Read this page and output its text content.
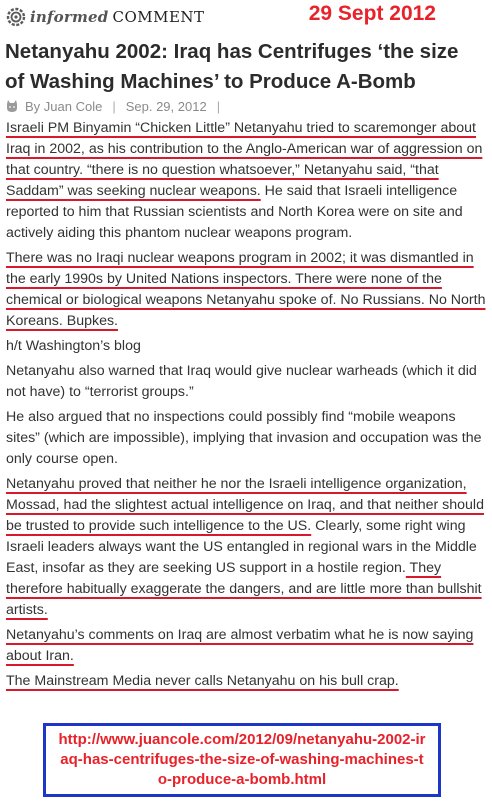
informed COMMENT	29 Sept 2012
Netanyahu 2002: Iraq has Centrifuges ‘the size
of Washing Machines’ to Produce A-Bomb
By Juan Cole | Sep. 29, 2012 |

Israeli PM Binyamin “Chicken Little” Netanyahu tried to scaremonger about Iraq in 2002, as his contribution to the Anglo-American war of aggression on that country. “there is no question whatsoever,” Netanyahu said, “that Saddam” was seeking nuclear weapons. He said that Israeli intelligence reported to him that Russian scientists and North Korea were on site and actively aiding this phantom nuclear weapons program.

There was no Iraqi nuclear weapons program in 2002; it was dismantled in the early 1990s by United Nations inspectors. There were none of the chemical or biological weapons Netanyahu spoke of. No Russians. No North Koreans. Bupkes.

h/t Washington’s blog

Netanyahu also warned that Iraq would give nuclear warheads (which it did not have) to “terrorist groups.”

He also argued that no inspections could possibly find “mobile weapons sites” (which are impossible), implying that invasion and occupation was the only course open.

Netanyahu proved that neither he nor the Israeli intelligence organization, Mossad, had the slightest actual intelligence on Iraq, and that neither should be trusted to provide such intelligence to the US. Clearly, some right wing Israeli leaders always want the US entangled in regional wars in the Middle East, insofar as they are seeking US support in a hostile region. They therefore habitually exaggerate the dangers, and are little more than bullshit artists.

Netanyahu’s comments on Iraq are almost verbatim what he is now saying about Iran.

The Mainstream Media never calls Netanyahu on his bull crap.

http://www.juancole.com/2012/09/netanyahu-2002-iraq-has-centrifuges-the-size-of-washing-machines-to-produce-a-bomb.html
